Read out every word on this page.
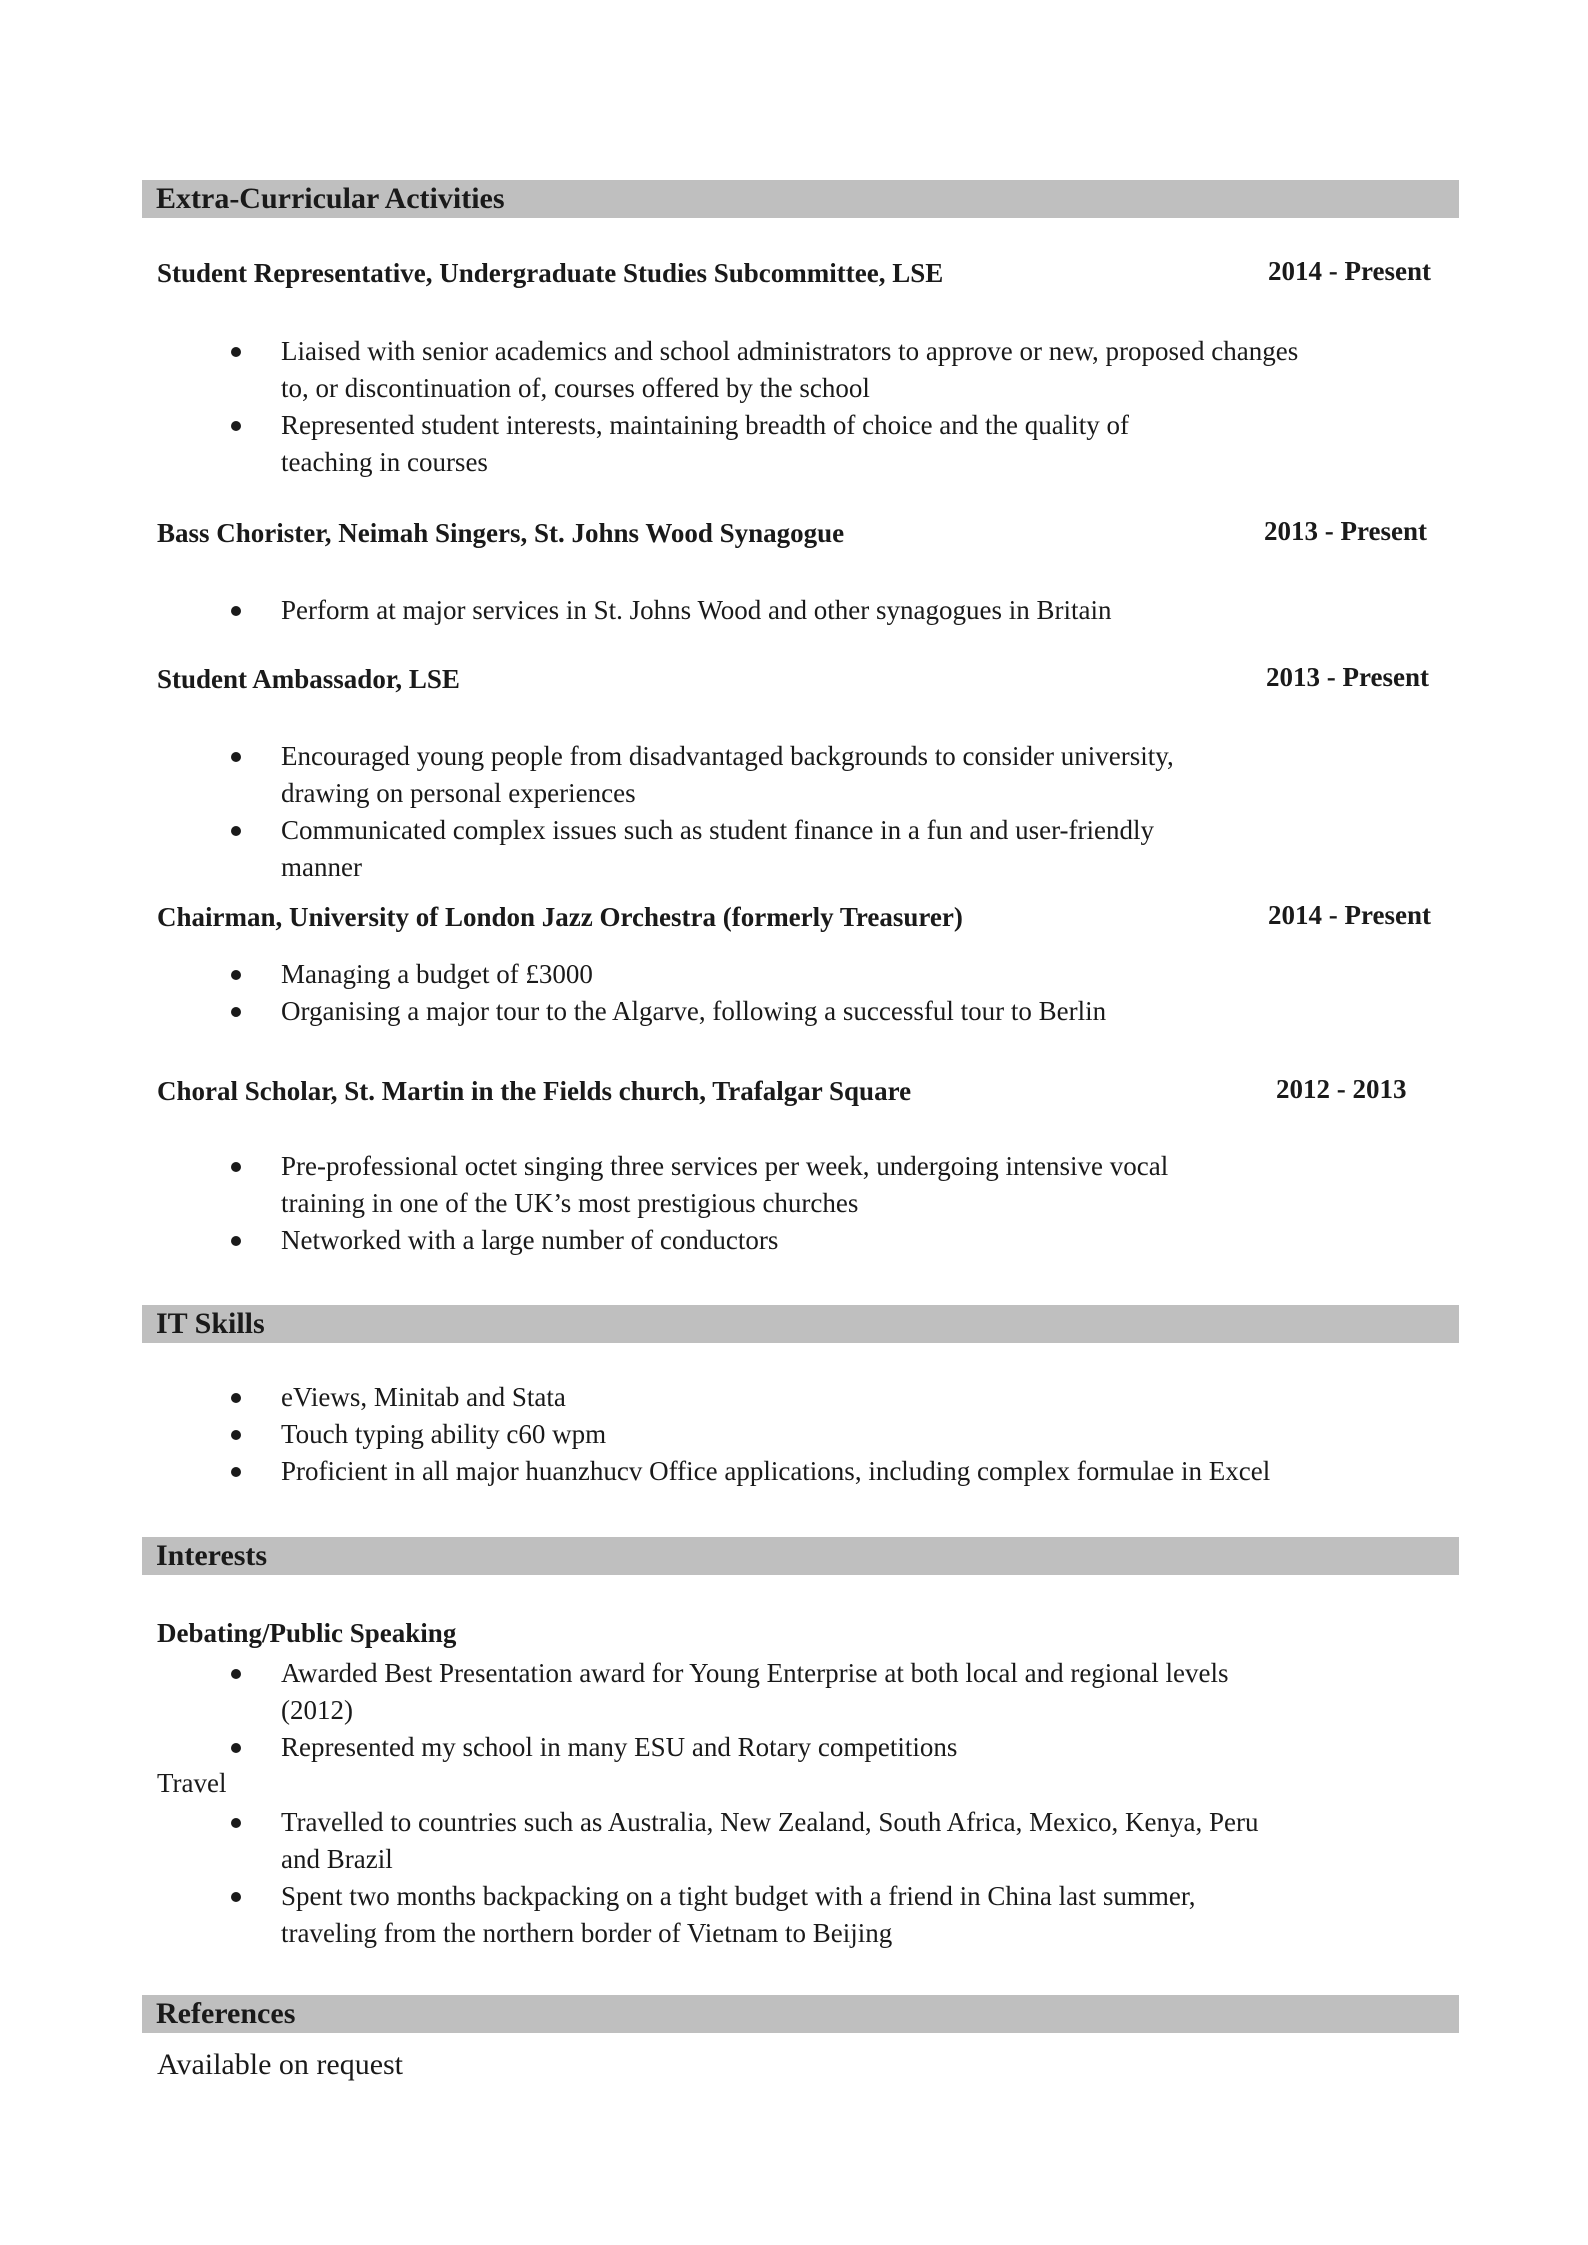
Extra-Curricular Activities
Student Representative, Undergraduate Studies Subcommittee, LSE	2014 - Present
Liaised with senior academics and school administrators to approve or new, proposed changes
to, or discontinuation of, courses offered by the school
Represented student interests, maintaining breadth of choice and the quality of
teaching in courses
Bass Chorister, Neimah Singers, St. Johns Wood Synagogue	2013 - Present
Perform at major services in St. Johns Wood and other synagogues in Britain
Student Ambassador, LSE	2013 - Present
Encouraged young people from disadvantaged backgrounds to consider university,
drawing on personal experiences
Communicated complex issues such as student finance in a fun and user-friendly
manner
Chairman, University of London Jazz Orchestra (formerly Treasurer)	2014 - Present
Managing a budget of £3000
Organising a major tour to the Algarve, following a successful tour to Berlin
Choral Scholar, St. Martin in the Fields church, Trafalgar Square	2012 - 2013
Pre-professional octet singing three services per week, undergoing intensive vocal
training in one of the UK’s most prestigious churches
Networked with a large number of conductors
IT Skills
eViews, Minitab and Stata
Touch typing ability c60 wpm
Proficient in all major huanzhucv Office applications, including complex formulae in Excel
Interests
Debating/Public Speaking
Awarded Best Presentation award for Young Enterprise at both local and regional levels
(2012)
Represented my school in many ESU and Rotary competitions
Travel
Travelled to countries such as Australia, New Zealand, South Africa, Mexico, Kenya, Peru
and Brazil
Spent two months backpacking on a tight budget with a friend in China last summer,
traveling from the northern border of Vietnam to Beijing
References
Available on request
